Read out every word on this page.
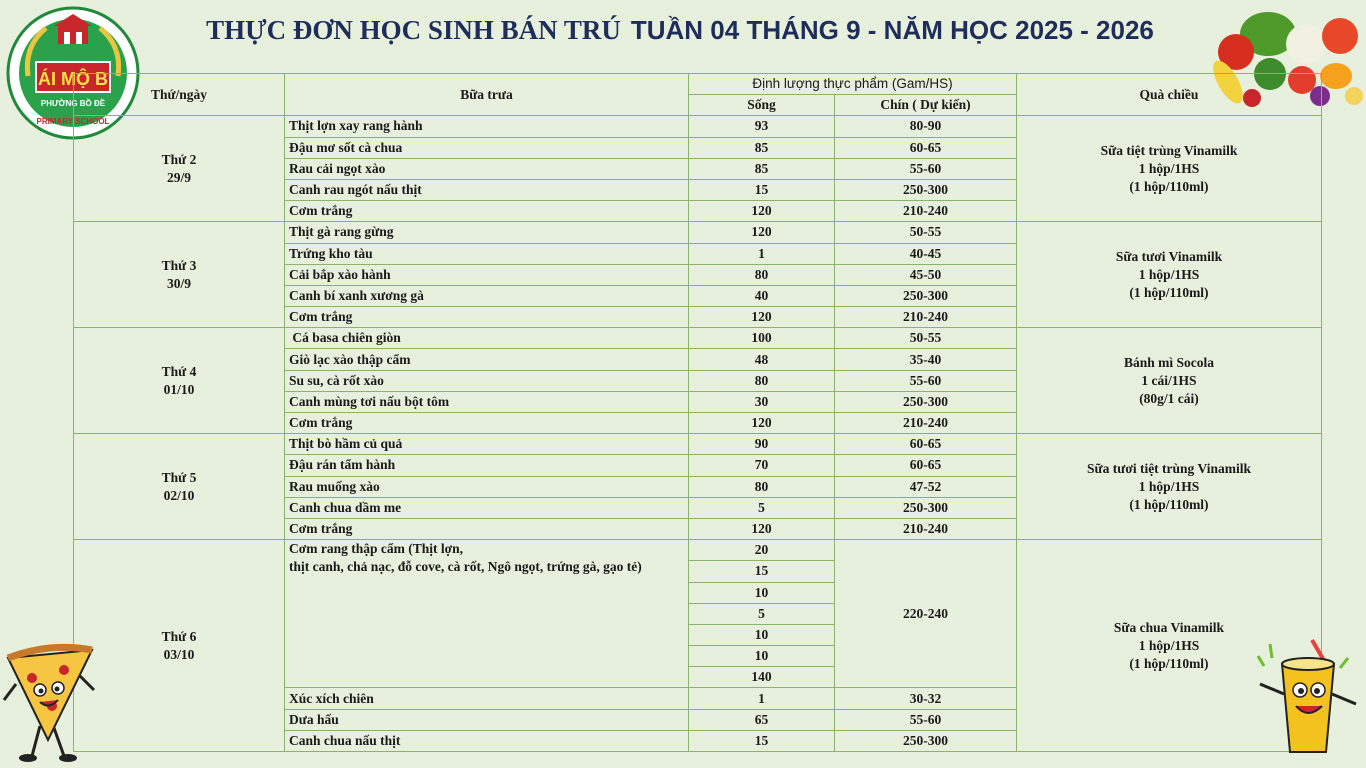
THỰC ĐƠN HỌC SINH BÁN TRÚ TUẦN 04 THÁNG 9 - NĂM HỌC 2025 - 2026
ÁI MỘ B
PHƯỜNG BỒ ĐỀ
PRIMARY SCHOOL
Thứ/ngày	Bữa trưa	Định lượng thực phẩm (Gam/HS)		Quà chiều
		Sống	Chín ( Dự kiến)	

Thứ 2
29/9	Thịt lợn xay rang hành	93	80-90	Sữa tiệt trùng Vinamilk
1 hộp/1HS
(1 hộp/110ml)

	Đậu mơ sốt cà chua	85	60-65	
	Rau cải ngọt xào	85	55-60	
	Canh rau ngót nấu thịt	15	250-300	
	Cơm trắng	120	210-240	

Thứ 3
30/9	Thịt gà rang gừng	120	50-55	Sữa tươi Vinamilk
1 hộp/1HS
(1 hộp/110ml)

	Trứng kho tàu	1	40-45	
	Cải bắp xào hành	80	45-50	
	Canh bí xanh xương gà	40	250-300	
	Cơm trắng	120	210-240	

Thứ 4
01/10	Cá basa chiên giòn	100	50-55	Bánh mì Socola
1 cái/1HS
(80g/1 cái)

	Giò lạc xào thập cẩm	48	35-40	
	Su su, cà rốt xào	80	55-60	
	Canh mùng tơi nấu bột tôm	30	250-300	
	Cơm trắng	120	210-240	

Thứ 5
02/10	Thịt bò hầm củ quả	90	60-65	Sữa tươi tiệt trùng Vinamilk
1 hộp/1HS
(1 hộp/110ml)

	Đậu rán tẩm hành	70	60-65	
	Rau muống xào	80	47-52	
	Canh chua dầm me	5	250-300	
	Cơm trắng	120	210-240	

Thứ 6
03/10	Cơm rang thập cẩm (Thịt lợn,
thịt canh, chả nạc, đỗ cove, cà rốt, Ngô ngọt, trứng gà, gạo tẻ)	20	220-240	Sữa chua Vinamilk
1 hộp/1HS
(1 hộp/110ml)

		15		
		10		
		5		
		10		
		10		
		140		
	Xúc xích chiên	1	30-32	
	Dưa hấu	65	55-60	
	Canh chua nấu thịt	15	250-300	
